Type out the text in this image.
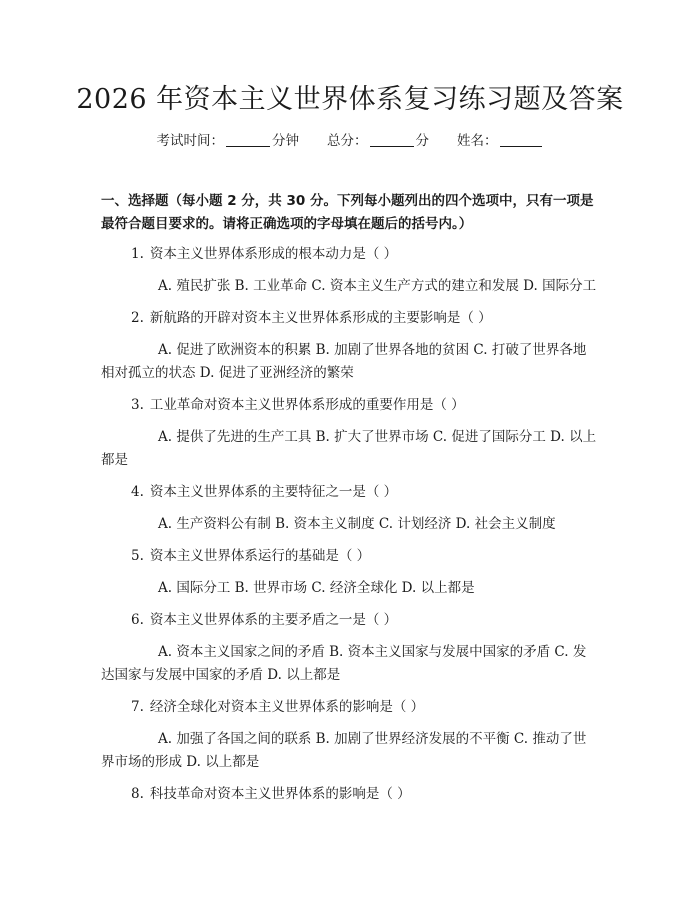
2026 年资本主义世界体系复习练习题及答案
考试时间：	分钟 总分：	分 姓名：

一、选择题（每小题 2 分，共 30 分。下列每小题列出的四个选项中，只有一项是最符合题目要求的。请将正确选项的字母填在题后的括号内。）

1. 资本主义世界体系形成的根本动力是（ ）

A. 殖民扩张 B. 工业革命 C. 资本主义生产方式的建立和发展 D. 国际分工

2. 新航路的开辟对资本主义世界体系形成的主要影响是（ ）

A. 促进了欧洲资本的积累 B. 加剧了世界各地的贫困 C. 打破了世界各地相对孤立的状态 D. 促进了亚洲经济的繁荣

3. 工业革命对资本主义世界体系形成的重要作用是（ ）

A. 提供了先进的生产工具 B. 扩大了世界市场 C. 促进了国际分工 D. 以上都是

4. 资本主义世界体系的主要特征之一是（ ）

A. 生产资料公有制 B. 资本主义制度 C. 计划经济 D. 社会主义制度

5. 资本主义世界体系运行的基础是（ ）

A. 国际分工 B. 世界市场 C. 经济全球化 D. 以上都是

6. 资本主义世界体系的主要矛盾之一是（ ）

A. 资本主义国家之间的矛盾 B. 资本主义国家与发展中国家的矛盾 C. 发达国家与发展中国家的矛盾 D. 以上都是

7. 经济全球化对资本主义世界体系的影响是（ ）

A. 加强了各国之间的联系 B. 加剧了世界经济发展的不平衡 C. 推动了世界市场的形成 D. 以上都是

8. 科技革命对资本主义世界体系的影响是（ ）
